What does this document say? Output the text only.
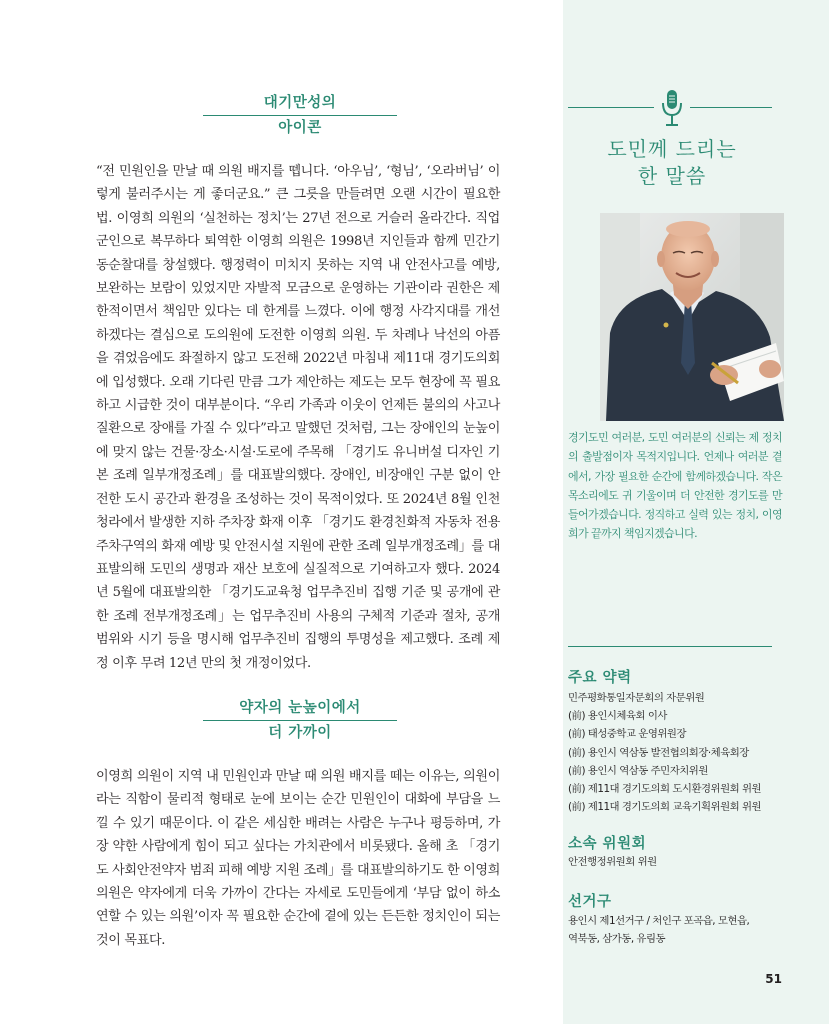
대기만성의
아이콘

“전 민원인을 만날 때 의원 배지를 뗍니다. ‘아우님’, ‘형님’, ‘오라버님’ 이렇게 불러주시는 게 좋더군요.” 큰 그릇을 만들려면 오랜 시간이 필요한 법. 이영희 의원의 ‘실천하는 정치’는 27년 전으로 거슬러 올라간다. 직업군인으로 복무하다 퇴역한 이영희 의원은 1998년 지인들과 함께 민간기동순찰대를 창설했다. 행정력이 미치지 못하는 지역 내 안전사고를 예방, 보완하는 보람이 있었지만 자발적 모금으로 운영하는 기관이라 권한은 제한적이면서 책임만 있다는 데 한계를 느꼈다. 이에 행정 사각지대를 개선하겠다는 결심으로 도의원에 도전한 이영희 의원. 두 차례나 낙선의 아픔을 겪었음에도 좌절하지 않고 도전해 2022년 마침내 제11대 경기도의회에 입성했다. 오래 기다린 만큼 그가 제안하는 제도는 모두 현장에 꼭 필요하고 시급한 것이 대부분이다. “우리 가족과 이웃이 언제든 불의의 사고나 질환으로 장애를 가질 수 있다”라고 말했던 것처럼, 그는 장애인의 눈높이에 맞지 않는 건물·장소·시설·도로에 주목해 「경기도 유니버설 디자인 기본 조례 일부개정조례」를 대표발의했다. 장애인, 비장애인 구분 없이 안전한 도시 공간과 환경을 조성하는 것이 목적이었다. 또 2024년 8월 인천 청라에서 발생한 지하 주차장 화재 이후 「경기도 환경친화적 자동차 전용 주차구역의 화재 예방 및 안전시설 지원에 관한 조례 일부개정조례」를 대표발의해 도민의 생명과 재산 보호에 실질적으로 기여하고자 했다. 2024년 5월에 대표발의한 「경기도교육청 업무추진비 집행 기준 및 공개에 관한 조례 전부개정조례」는 업무추진비 사용의 구체적 기준과 절차, 공개 범위와 시기 등을 명시해 업무추진비 집행의 투명성을 제고했다. 조례 제정 이후 무려 12년 만의 첫 개정이었다.

약자의 눈높이에서
더 가까이

이영희 의원이 지역 내 민원인과 만날 때 의원 배지를 떼는 이유는, 의원이라는 직함이 물리적 형태로 눈에 보이는 순간 민원인이 대화에 부담을 느낄 수 있기 때문이다. 이 같은 세심한 배려는 사람은 누구나 평등하며, 가장 약한 사람에게 힘이 되고 싶다는 가치관에서 비롯됐다. 올해 초 「경기도 사회안전약자 범죄 피해 예방 지원 조례」를 대표발의하기도 한 이영희 의원은 약자에게 더욱 가까이 간다는 자세로 도민들에게 ‘부담 없이 하소연할 수 있는 의원’이자 꼭 필요한 순간에 곁에 있는 든든한 정치인이 되는 것이 목표다.

도민께 드리는
한 말씀

경기도민 여러분, 도민 여러분의 신뢰는 제 정치의 출발점이자 목적지입니다. 언제나 여러분 곁에서, 가장 필요한 순간에 함께하겠습니다. 작은 목소리에도 귀 기울이며 더 안전한 경기도를 만들어가겠습니다. 정직하고 실력 있는 정치, 이영희가 끝까지 책임지겠습니다.

주요 약력
민주평화통일자문회의 자문위원
(前) 용인시체육회 이사
(前) 태성중학교 운영위원장
(前) 용인시 역삼동 발전협의회장·체육회장
(前) 용인시 역삼동 주민자치위원
(前) 제11대 경기도의회 도시환경위원회 위원
(前) 제11대 경기도의회 교육기획위원회 위원
소속 위원회
안전행정위원회 위원
선거구
용인시 제1선거구 / 처인구 포곡읍, 모현읍,
역북동, 삼가동, 유림동
51
